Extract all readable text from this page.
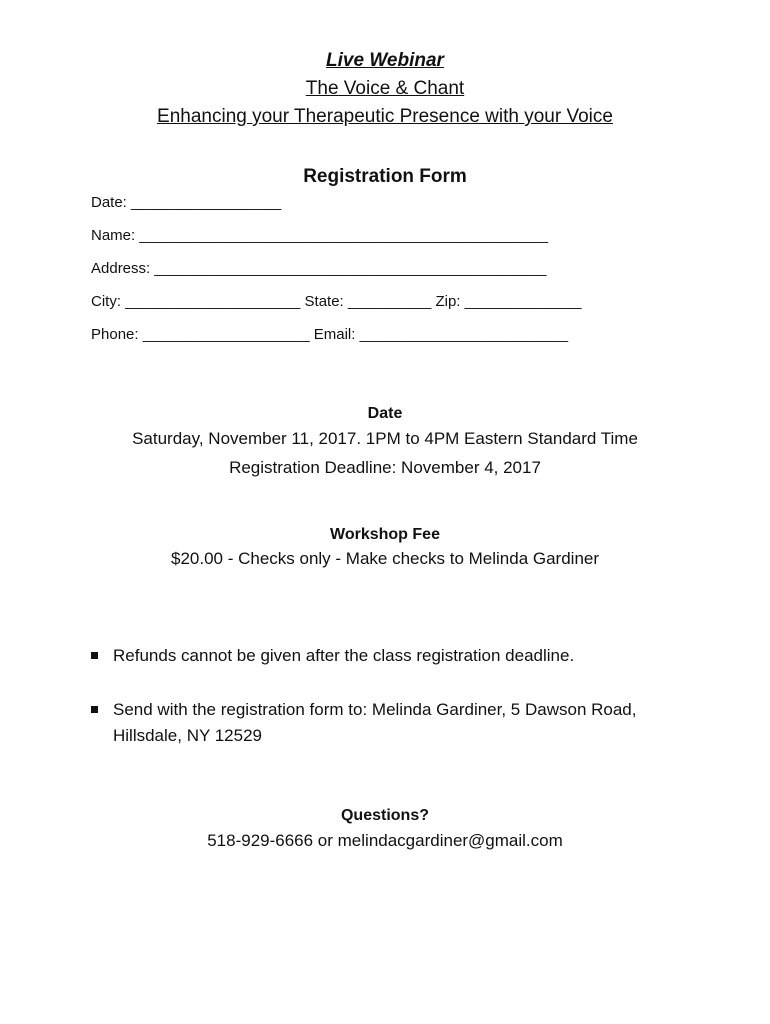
Live Webinar
The Voice & Chant
Enhancing your Therapeutic Presence with your Voice
Registration Form
Date: __________________
Name: _________________________________________________
Address: _______________________________________________
City: _____________________ State: __________ Zip: ______________
Phone: ____________________ Email: _________________________
Date
Saturday, November 11, 2017. 1PM to 4PM Eastern Standard Time
Registration Deadline: November 4, 2017
Workshop Fee
$20.00 - Checks only - Make checks to Melinda Gardiner
Refunds cannot be given after the class registration deadline.
Send with the registration form to: Melinda Gardiner, 5 Dawson Road, Hillsdale, NY 12529
Questions?
518-929-6666 or melindacgardiner@gmail.com
